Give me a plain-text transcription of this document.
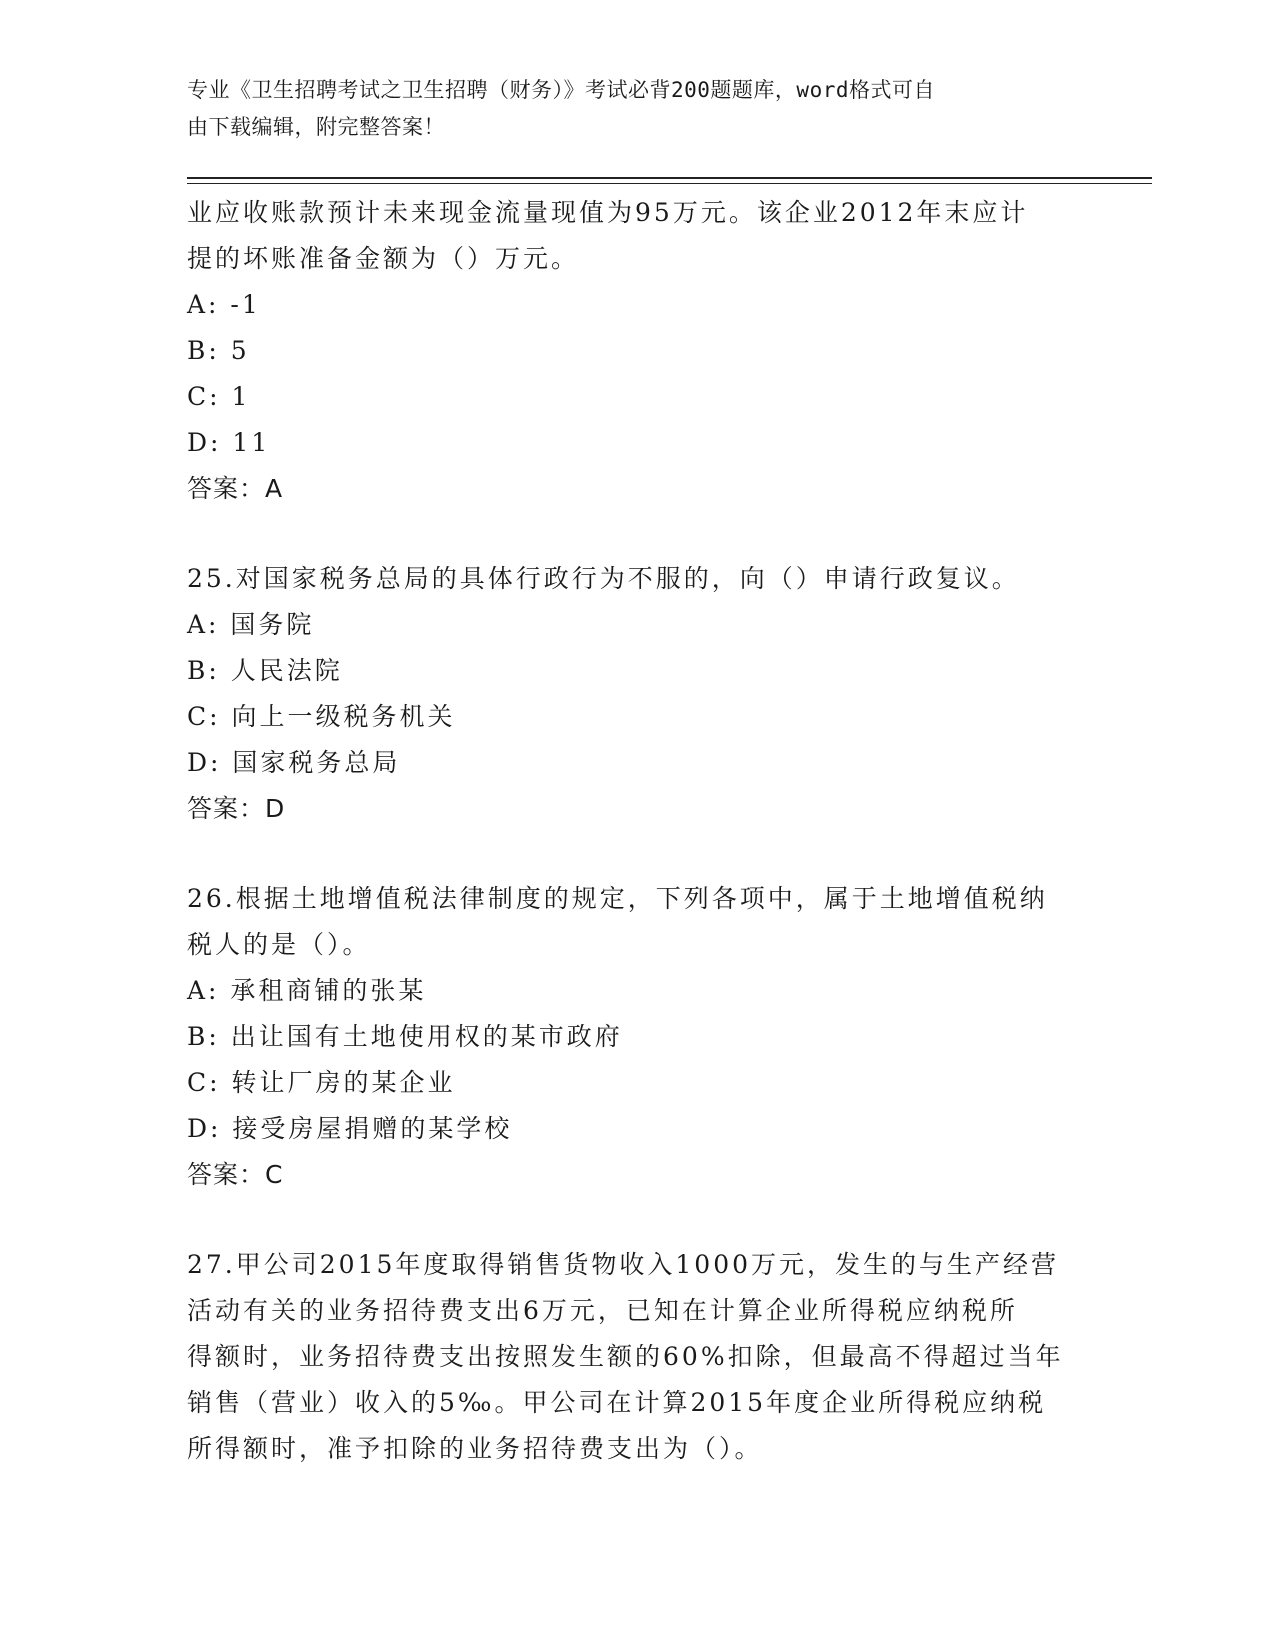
专业《卫生招聘考试之卫生招聘（财务）》考试必背200题题库，word格式可自
由下载编辑，附完整答案！
业应收账款预计未来现金流量现值为95万元。该企业2012年末应计
提的坏账准备金额为（）万元。
A: -1
B: 5
C: 1
D: 11
答案：A
25.对国家税务总局的具体行政行为不服的，向（）申请行政复议。
A: 国务院
B: 人民法院
C: 向上一级税务机关
D: 国家税务总局
答案：D
26.根据土地增值税法律制度的规定，下列各项中，属于土地增值税纳
税人的是（）。
A: 承租商铺的张某
B: 出让国有土地使用权的某市政府
C: 转让厂房的某企业
D: 接受房屋捐赠的某学校
答案：C
27.甲公司2015年度取得销售货物收入1000万元，发生的与生产经营
活动有关的业务招待费支出6万元，已知在计算企业所得税应纳税所
得额时，业务招待费支出按照发生额的60%扣除，但最高不得超过当年
销售（营业）收入的5‰。甲公司在计算2015年度企业所得税应纳税
所得额时，准予扣除的业务招待费支出为（）。
